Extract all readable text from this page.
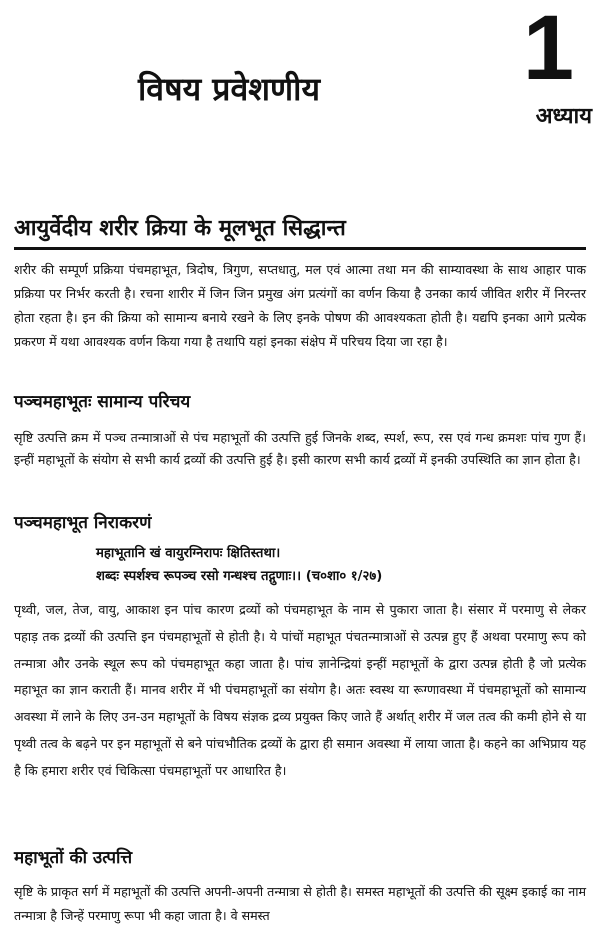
विषय प्रवेशणीय 1
अध्याय
आयुर्वेदीय शरीर क्रिया के मूलभूत सिद्धान्त

शरीर की सम्पूर्ण प्रक्रिया पंचमहाभूत, त्रिदोष, त्रिगुण, सप्तधातु, मल एवं आत्मा तथा मन की साम्यावस्था के साथ आहार पाक प्रक्रिया पर निर्भर करती है। रचना शारीर में जिन जिन प्रमुख अंग प्रत्यंगों का वर्णन किया है उनका कार्य जीवित शरीर में निरन्तर होता रहता है। इन की क्रिया को सामान्य बनाये रखने के लिए इनके पोषण की आवश्यकता होती है। यद्यपि इनका आगे प्रत्येक प्रकरण में यथा आवश्यक वर्णन किया गया है तथापि यहां इनका संक्षेप में परिचय दिया जा रहा है।

पञ्चमहाभूतः सामान्य परिचय

सृष्टि उत्पत्ति क्रम में पञ्च तन्मात्राओं से पंच महाभूतों की उत्पत्ति हुई जिनके शब्द, स्पर्श, रूप, रस एवं गन्ध क्रमशः पांच गुण हैं। इन्हीं महाभूतों के संयोग से सभी कार्य द्रव्यों की उत्पत्ति हुई है। इसी कारण सभी कार्य द्रव्यों में इनकी उपस्थिति का ज्ञान होता है।

पञ्चमहाभूत निराकरणं
महाभूतानि खं वायुरग्निरापः क्षितिस्तथा।
शब्दः स्पर्शश्च रूपञ्च रसो गन्धश्च तद्गुणाः।। (च०शा० १/२७)

पृथ्वी, जल, तेज, वायु, आकाश इन पांच कारण द्रव्यों को पंचमहाभूत के नाम से पुकारा जाता है। संसार में परमाणु से लेकर पहाड़ तक द्रव्यों की उत्पत्ति इन पंचमहाभूतों से होती है। ये पांचों महाभूत पंचतन्मात्राओं से उत्पन्न हुए हैं अथवा परमाणु रूप को तन्मात्रा और उनके स्थूल रूप को पंचमहाभूत कहा जाता है। पांच ज्ञानेन्द्रियां इन्हीं महाभूतों के द्वारा उत्पन्न होती है जो प्रत्येक महाभूत का ज्ञान कराती हैं। मानव शरीर में भी पंचमहाभूतों का संयोग है। अतः स्वस्थ या रूग्णावस्था में पंचमहाभूतों को सामान्य अवस्था में लाने के लिए उन-उन महाभूतों के विषय संज्ञक द्रव्य प्रयुक्त किए जाते हैं अर्थात् शरीर में जल तत्व की कमी होने से या पृथ्वी तत्व के बढ़ने पर इन महाभूतों से बने पांचभौतिक द्रव्यों के द्वारा ही समान अवस्था में लाया जाता है। कहने का अभिप्राय यह है कि हमारा शरीर एवं चिकित्सा पंचमहाभूतों पर आधारित है।

महाभूतों की उत्पत्ति

सृष्टि के प्राकृत सर्ग में महाभूतों की उत्पत्ति अपनी-अपनी तन्मात्रा से होती है। समस्त महाभूतों की उत्पत्ति की सूक्ष्म इकाई का नाम तन्मात्रा है जिन्हें परमाणु रूपा भी कहा जाता है। वे समस्त
